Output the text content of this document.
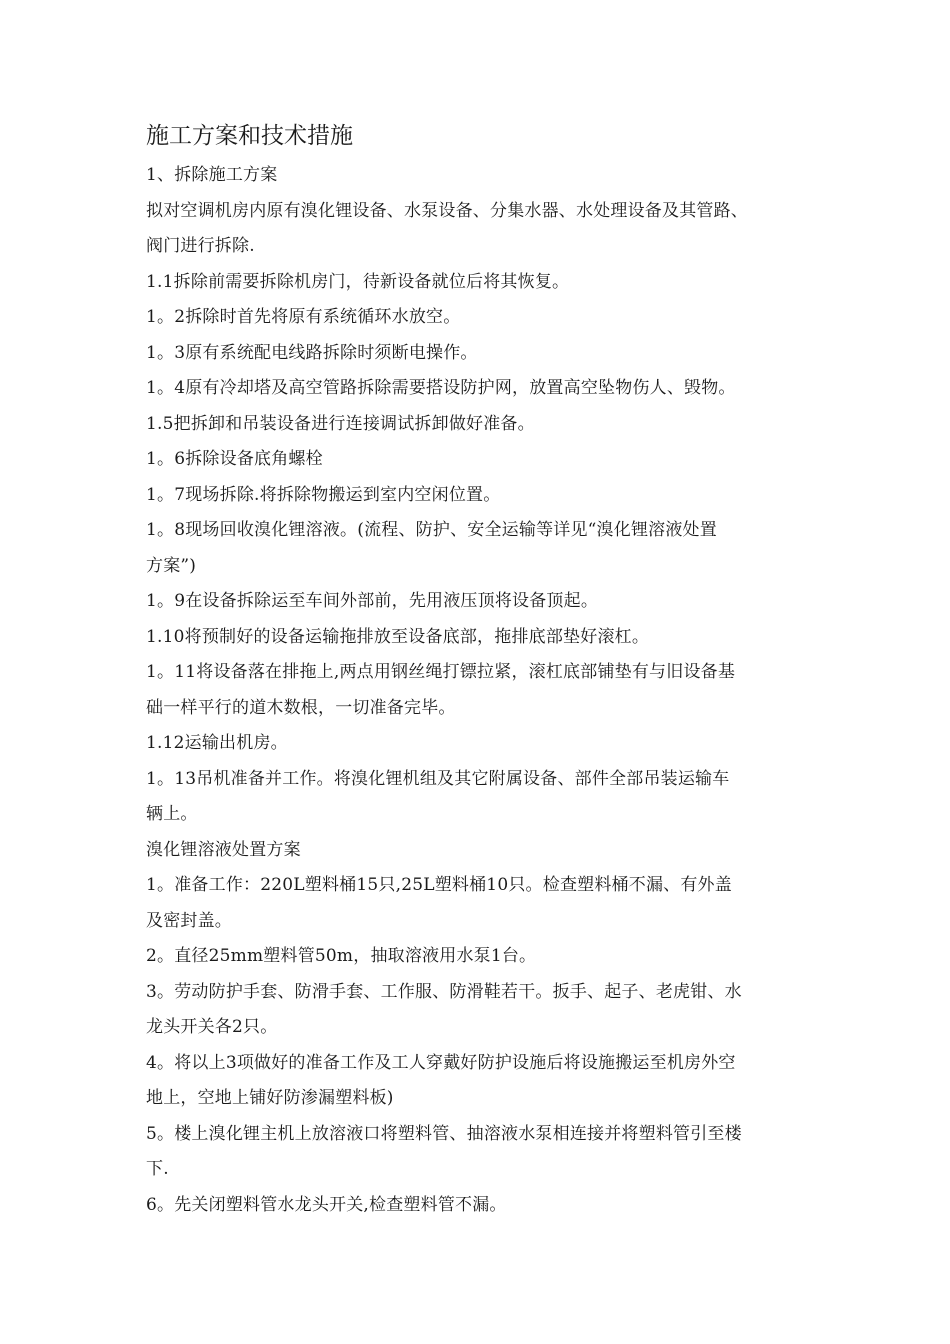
施工方案和技术措施

1、拆除施工方案

拟对空调机房内原有溴化锂设备、水泵设备、分集水器、水处理设备及其管路、

阀门进行拆除.

1.1拆除前需要拆除机房门，待新设备就位后将其恢复。

1。2拆除时首先将原有系统循环水放空。

1。3原有系统配电线路拆除时须断电操作。

1。4原有冷却塔及高空管路拆除需要搭设防护网，放置高空坠物伤人、毁物。

1.5把拆卸和吊装设备进行连接调试拆卸做好准备。

1。6拆除设备底角螺栓

1。7现场拆除.将拆除物搬运到室内空闲位置。

1。8现场回收溴化锂溶液。(流程、防护、安全运输等详见“溴化锂溶液处置

方案”)

1。9在设备拆除运至车间外部前，先用液压顶将设备顶起。

1.10将预制好的设备运输拖排放至设备底部，拖排底部垫好滚杠。

1。11将设备落在排拖上,两点用钢丝绳打镖拉紧，滚杠底部铺垫有与旧设备基

础一样平行的道木数根，一切准备完毕。

1.12运输出机房。

1。13吊机准备并工作。将溴化锂机组及其它附属设备、部件全部吊装运输车

辆上。

溴化锂溶液处置方案

1。准备工作：220L塑料桶15只,25L塑料桶10只。检查塑料桶不漏、有外盖

及密封盖。

2。直径25mm塑料管50m，抽取溶液用水泵1台。

3。劳动防护手套、防滑手套、工作服、防滑鞋若干。扳手、起子、老虎钳、水

龙头开关各2只。

4。将以上3项做好的准备工作及工人穿戴好防护设施后将设施搬运至机房外空

地上，空地上铺好防渗漏塑料板)

5。楼上溴化锂主机上放溶液口将塑料管、抽溶液水泵相连接并将塑料管引至楼

下.

6。先关闭塑料管水龙头开关,检查塑料管不漏。
